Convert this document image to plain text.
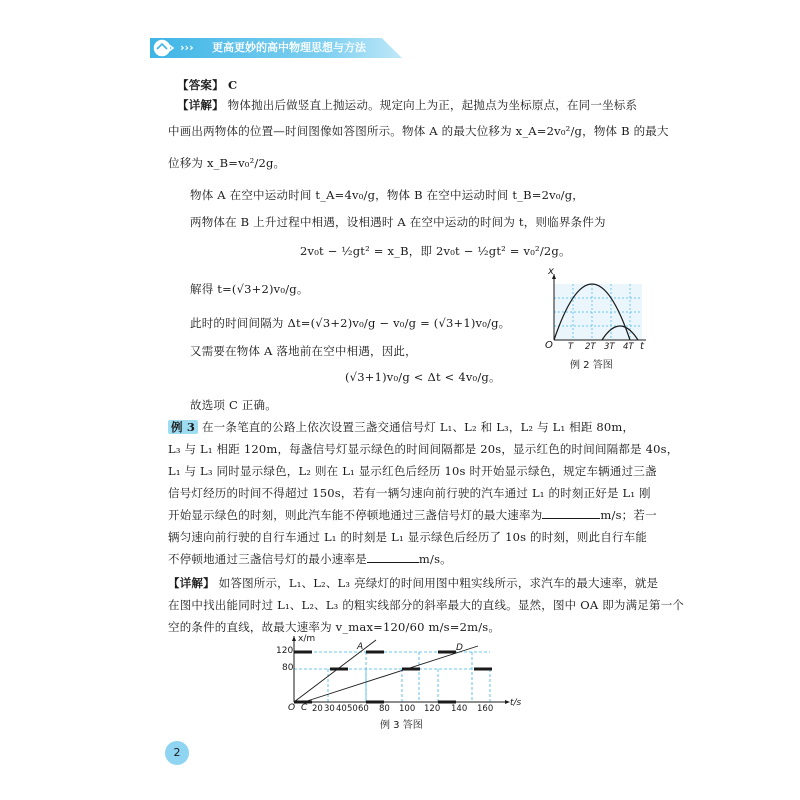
››› 更高更妙的高中物理思想与方法
【答案】 C
【详解】 物体抛出后做竖直上抛运动。规定向上为正，起抛点为坐标原点，在同一坐标系
中画出两物体的位置—时间图像如答图所示。物体 A 的最大位移为 x_A=2v₀²/g，物体 B 的最大
位移为 x_B=v₀²/2g。
物体 A 在空中运动时间 t_A=4v₀/g，物体 B 在空中运动时间 t_B=2v₀/g，
两物体在 B 上升过程中相遇，设相遇时 A 在空中运动的时间为 t，则临界条件为
2v₀t − ½gt² = x_B，即 2v₀t − ½gt² = v₀²/2g。
解得 t=(√3+2)v₀/g。
此时的时间间隔为 Δt=(√3+2)v₀/g − v₀/g = (√3+1)v₀/g。
又需要在物体 A 落地前在空中相遇，因此，
(√3+1)v₀/g < Δt < 4v₀/g。
故选项 C 正确。
例 3 在一条笔直的公路上依次设置三盏交通信号灯 L₁、L₂ 和 L₃，L₂ 与 L₁ 相距 80m，
L₃ 与 L₁ 相距 120m，每盏信号灯显示绿色的时间间隔都是 20s，显示红色的时间间隔都是 40s，
L₁ 与 L₃ 同时显示绿色，L₂ 则在 L₁ 显示红色后经历 10s 时开始显示绿色，规定车辆通过三盏
信号灯经历的时间不得超过 150s，若有一辆匀速向前行驶的汽车通过 L₁ 的时刻正好是 L₁ 刚
开始显示绿色的时刻，则此汽车能不停顿地通过三盏信号灯的最大速率为	m/s；若一
辆匀速向前行驶的自行车通过 L₁ 的时刻是 L₁ 显示绿色后经历了 10s 的时刻，则此自行车能
不停顿地通过三盏信号灯的最小速率是	m/s。
【详解】 如答图所示，L₁、L₂、L₃ 亮绿灯的时间用图中粗实线所示，求汽车的最大速率，就是
在图中找出能同时过 L₁、L₂、L₃ 的粗实线部分的斜率最大的直线。显然，图中 OA 即为满足第一个
空的条件的直线，故最大速率为 v_max=120/60 m/s=2m/s。
x
O T 2T 3T 4T t
例 2 答图
x/m
120
80
A	D
O C 20 30 40 50 60 80 100 120 140 160
t/s
例 3 答图
2
